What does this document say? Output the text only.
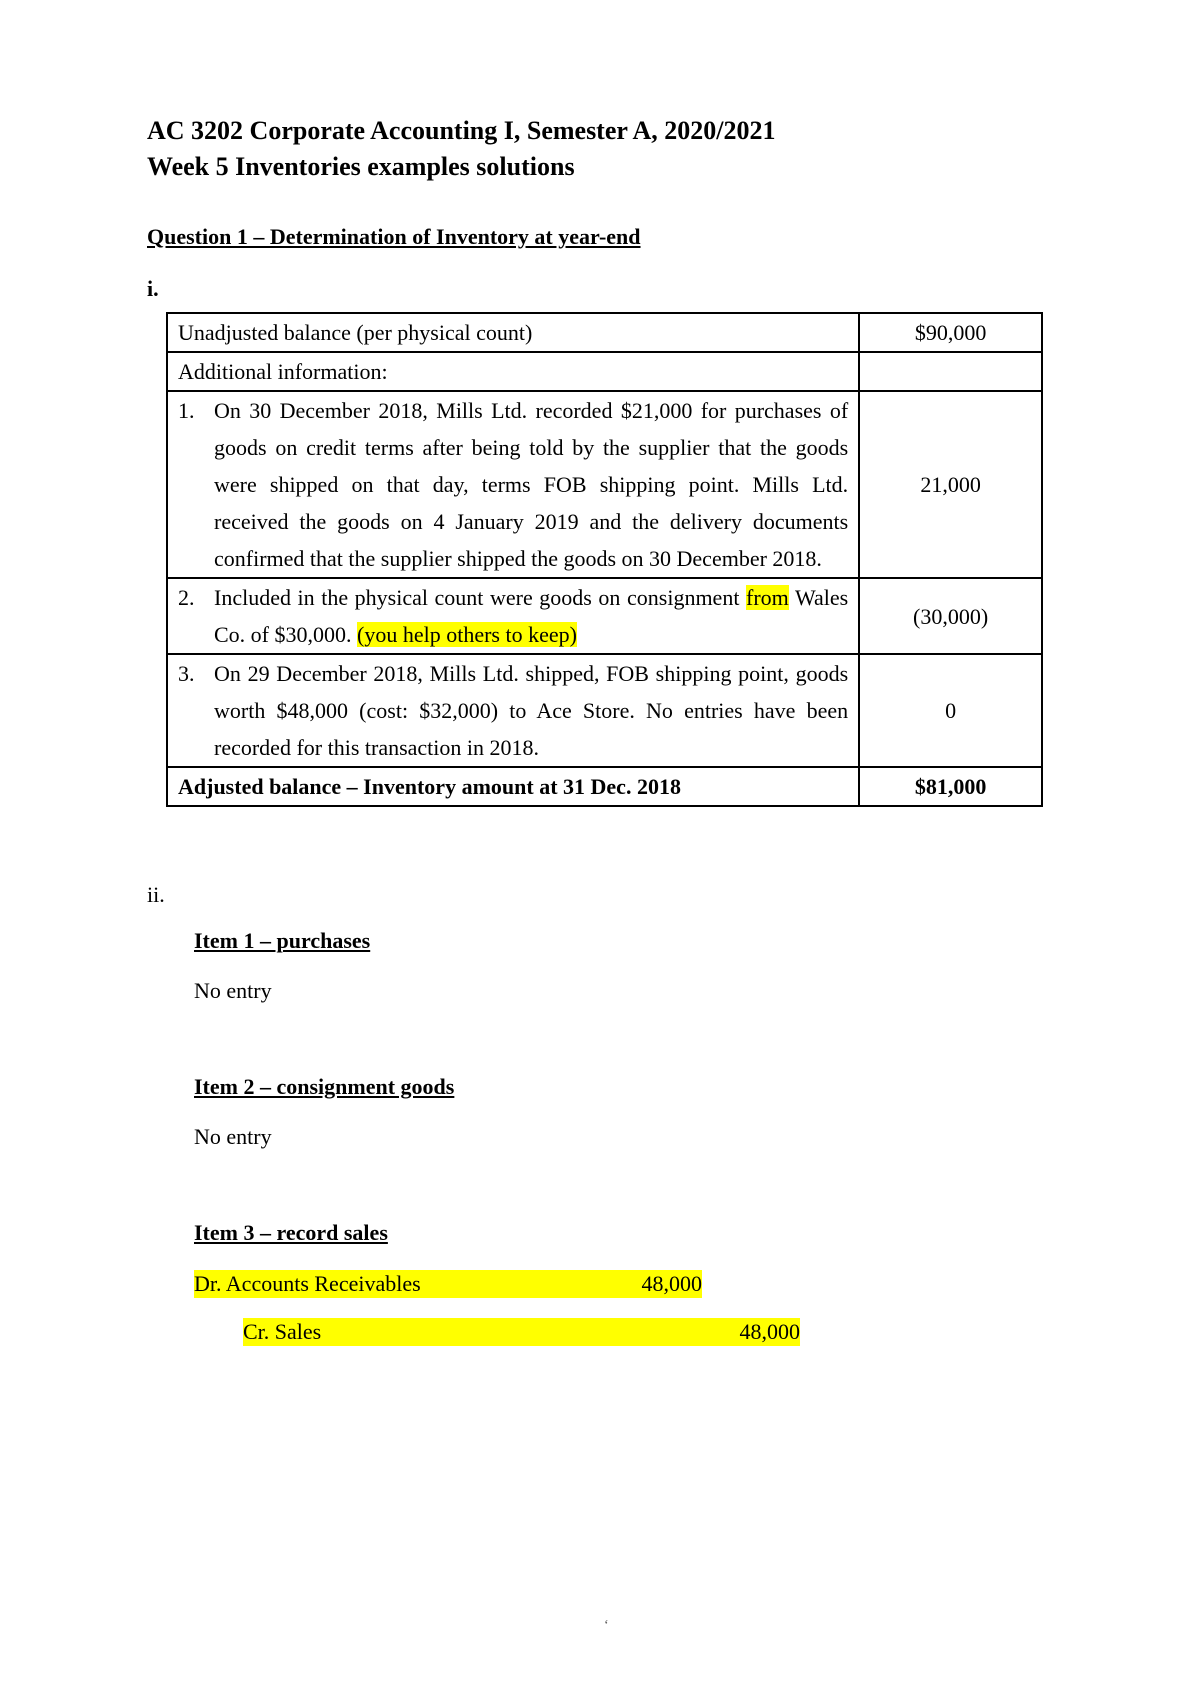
AC 3202 Corporate Accounting I, Semester A, 2020/2021
Week 5 Inventories examples solutions
Question 1 – Determination of Inventory at year-end
i.
Unadjusted balance (per physical count)	$90,000
Additional information:	

1. On 30 December 2018, Mills Ltd. recorded $21,000 for purchases of goods on credit terms after being told by the supplier that the goods were shipped on that day, terms FOB shipping point. Mills Ltd. received the goods on 4 January 2019 and the delivery documents confirmed that the supplier shipped the goods on 30 December 2018.	21,000

2. Included in the physical count were goods on consignment from Wales Co. of $30,000. (you help others to keep)	(30,000)

3. On 29 December 2018, Mills Ltd. shipped, FOB shipping point, goods worth $48,000 (cost: $32,000) to Ace Store. No entries have been recorded for this transaction in 2018.	0
Adjusted balance – Inventory amount at 31 Dec. 2018	$81,000
ii.
Item 1 – purchases
No entry
Item 2 – consignment goods
No entry
Item 3 – record sales
Dr. Accounts Receivables	48,000
Cr. Sales	48,000
‘
